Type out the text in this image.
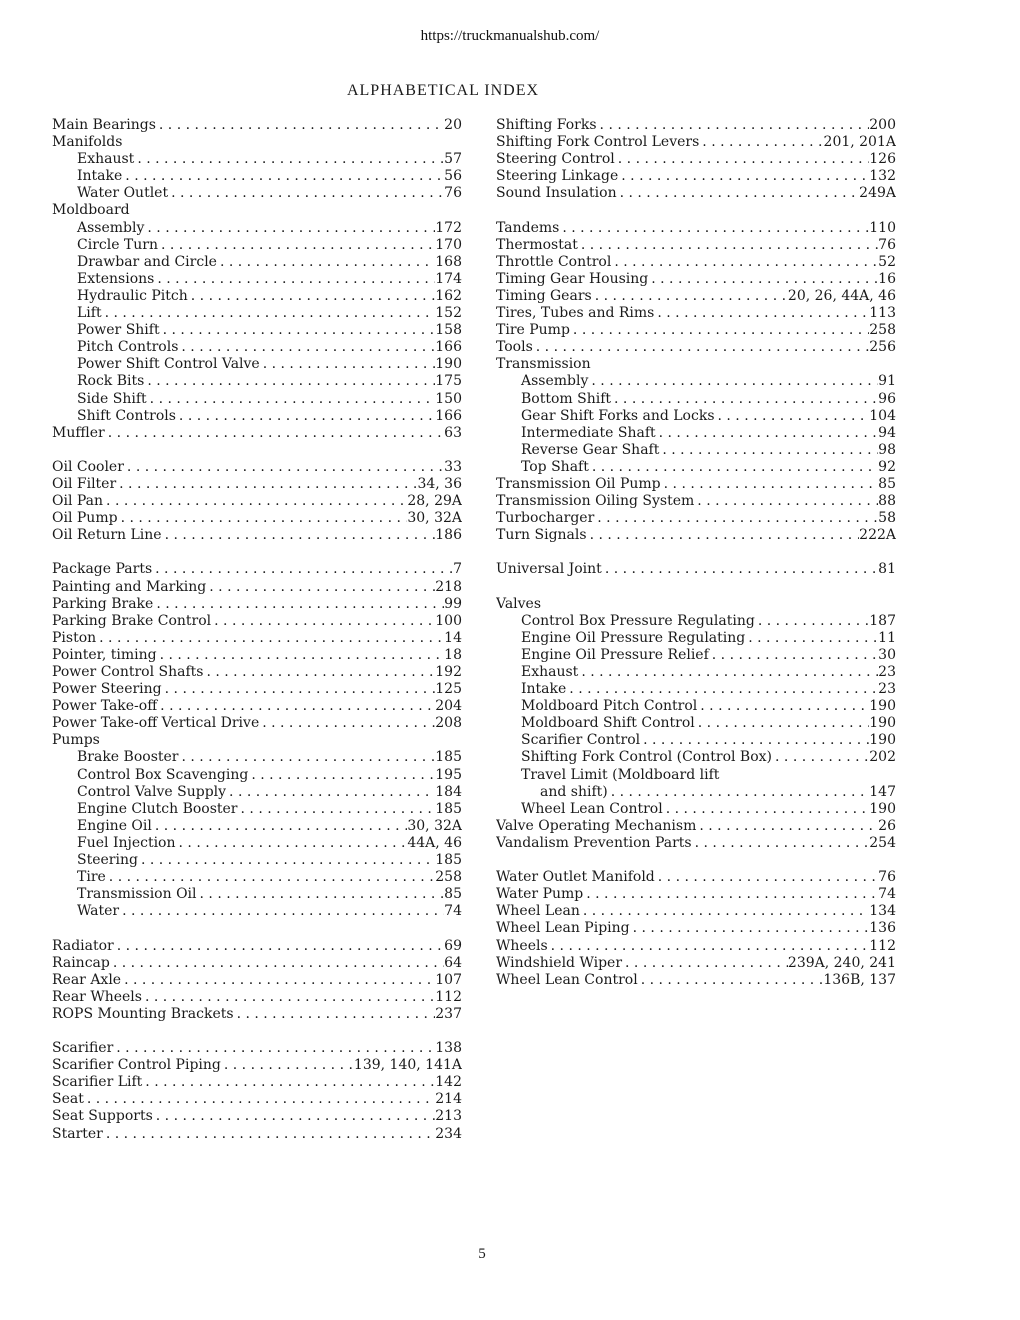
https://truckmanualshub.com/
ALPHABETICAL INDEX
Main Bearings . . .	20
Manifolds
Exhaust . . .	57
Intake . . .	56
Water Outlet . . .	76
Moldboard
Assembly . . .	172
Circle Turn . . .	170
Drawbar and Circle . . .	168
Extensions . . .	174
Hydraulic Pitch . . .	162
Lift . . .	152
Power Shift . . .	158
Pitch Controls . . .	166
Power Shift Control Valve . . .	190
Rock Bits . . .	175
Side Shift . . .	150
Shift Controls . . .	166
Muffler . . .	63
Oil Cooler . . .	33
Oil Filter . . .	34, 36
Oil Pan . . .	28, 29A
Oil Pump . . .	30, 32A
Oil Return Line . . .	186
Package Parts . . .	7
Painting and Marking . . .	218
Parking Brake . . .	99
Parking Brake Control . . .	100
Piston . . .	14
Pointer, timing . . .	18
Power Control Shafts . . .	192
Power Steering . . .	125
Power Take-off . . .	204
Power Take-off Vertical Drive . . .	208
Pumps
Brake Booster . . .	185
Control Box Scavenging . . .	195
Control Valve Supply . . .	184
Engine Clutch Booster . . .	185
Engine Oil . . .	30, 32A
Fuel Injection . . .	44A, 46
Steering . . .	185
Tire . . .	258
Transmission Oil . . .	85
Water . . .	74
Radiator . . .	69
Raincap . . .	64
Rear Axle . . .	107
Rear Wheels . . .	112
ROPS Mounting Brackets . . .	237
Scarifier . . .	138
Scarifier Control Piping . . .	139, 140, 141A
Scarifier Lift . . .	142
Seat . . .	214
Seat Supports . . .	213
Starter . . .	234
Shifting Forks . . .	200
Shifting Fork Control Levers . . .	201, 201A
Steering Control . . .	126
Steering Linkage . . .	132
Sound Insulation . . .	249A
Tandems . . .	110
Thermostat . . .	76
Throttle Control . . .	52
Timing Gear Housing . . .	16
Timing Gears . . .	20, 26, 44A, 46
Tires, Tubes and Rims . . .	113
Tire Pump . . .	258
Tools . . .	256
Transmission
Assembly . . .	91
Bottom Shift . . .	96
Gear Shift Forks and Locks . . .	104
Intermediate Shaft . . .	94
Reverse Gear Shaft . . .	98
Top Shaft . . .	92
Transmission Oil Pump . . .	85
Transmission Oiling System . . .	88
Turbocharger . . .	58
Turn Signals . . .	222A
Universal Joint . . .	81
Valves
Control Box Pressure Regulating . . .	187
Engine Oil Pressure Regulating . . .	11
Engine Oil Pressure Relief . . .	30
Exhaust . . .	23
Intake . . .	23
Moldboard Pitch Control . . .	190
Moldboard Shift Control . . .	190
Scarifier Control . . .	190
Shifting Fork Control (Control Box) . . .	202
Travel Limit (Moldboard lift
and shift) . . .	147
Wheel Lean Control . . .	190
Valve Operating Mechanism . . .	26
Vandalism Prevention Parts . . .	254
Water Outlet Manifold . . .	76
Water Pump . . .	74
Wheel Lean . . .	134
Wheel Lean Piping . . .	136
Wheels . . .	112
Windshield Wiper . . .	239A, 240, 241
Wheel Lean Control . . .	136B, 137
5
